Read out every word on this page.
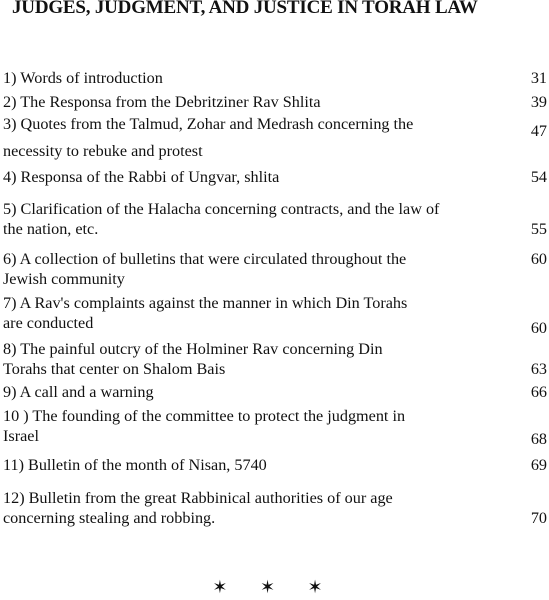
JUDGES, JUDGMENT, AND JUSTICE IN TORAH LAW
1) Words of introduction	31
2) The Responsa from the Debritziner Rav Shlita	39
3) Quotes from the Talmud, Zohar and Medrash concerning the	47
necessity to rebuke and protest
4) Responsa of the Rabbi of Ungvar, shlita	54
5) Clarification of the Halacha concerning contracts, and the law of
the nation, etc.	55
6) A collection of bulletins that were circulated throughout the	60
Jewish community
7) A Rav's complaints against the manner in which Din Torahs
are conducted	60
8) The painful outcry of the Holminer Rav concerning Din
Torahs that center on Shalom Bais	63
9) A call and a warning	66
10 ) The founding of the committee to protect the judgment in
Israel	68
11) Bulletin of the month of Nisan, 5740	69
12) Bulletin from the great Rabbinical authorities of our age
concerning stealing and robbing.	70
✶ ✶ ✶
